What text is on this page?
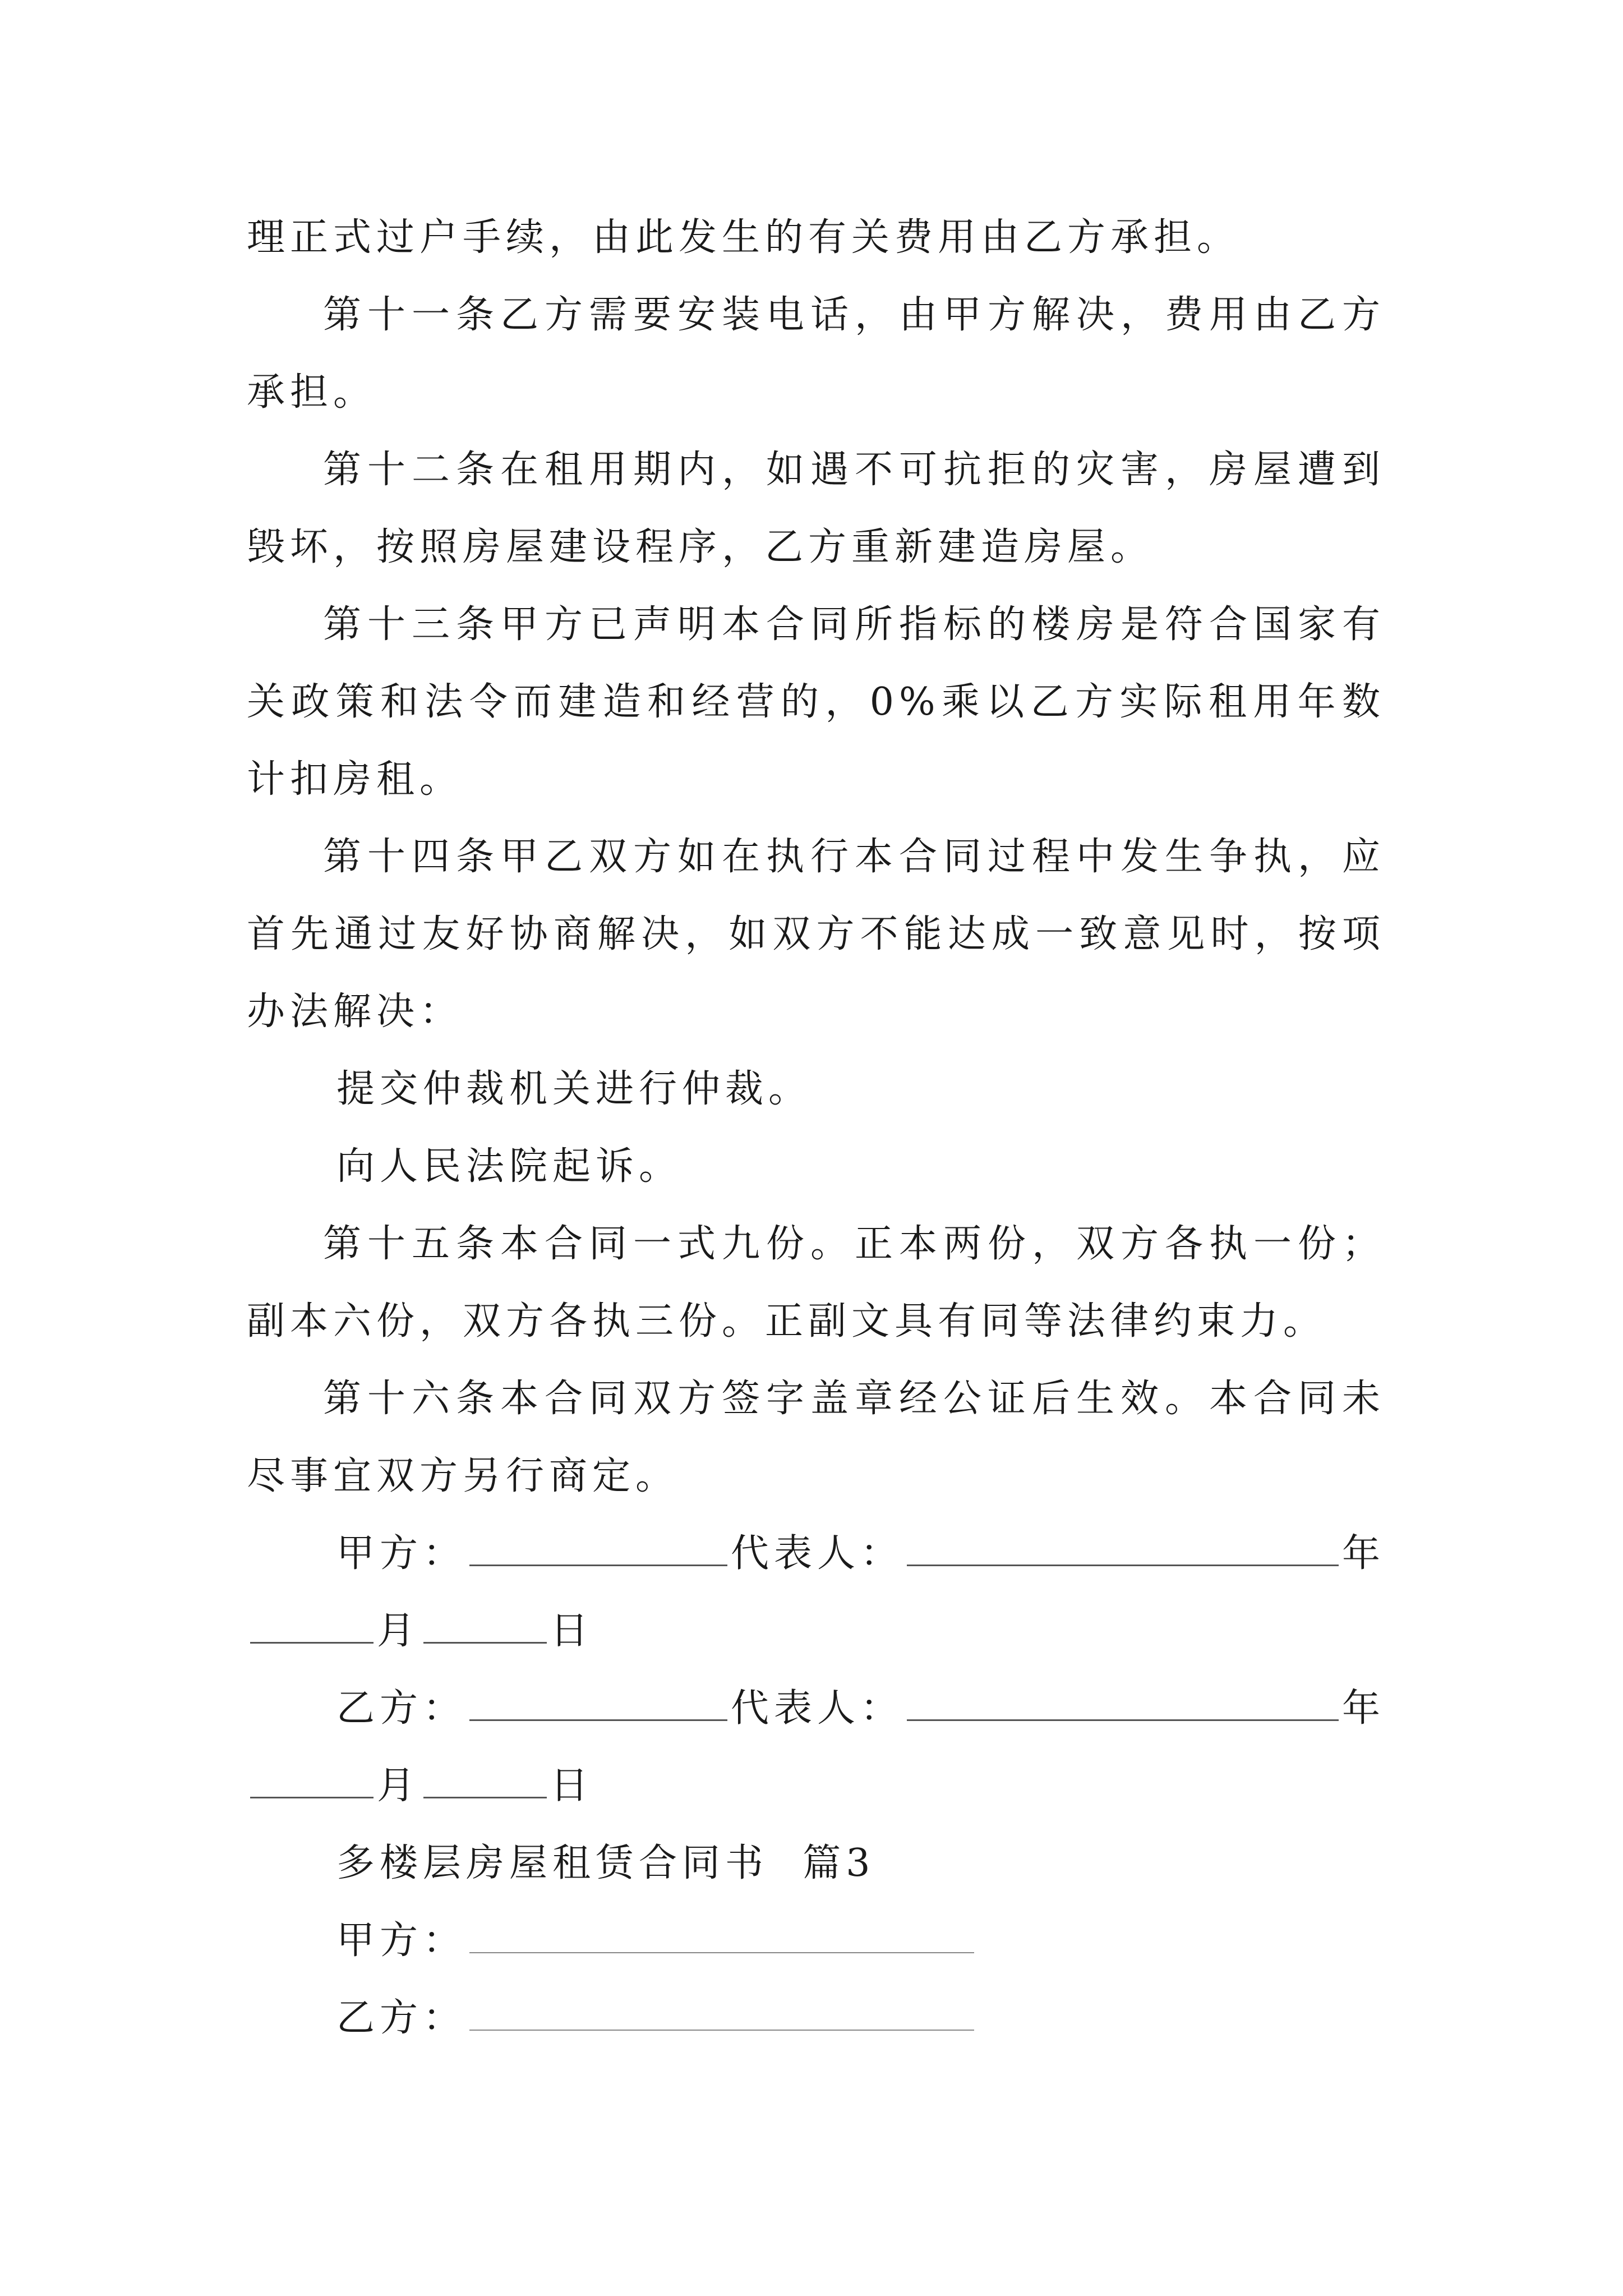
理正式过户手续，由此发生的有关费用由乙方承担。

第十一条乙方需要安装电话，由甲方解决，费用由乙方承担。

第十二条在租用期内，如遇不可抗拒的灾害，房屋遭到毁坏，按照房屋建设程序，乙方重新建造房屋。

第十三条甲方已声明本合同所指标的楼房是符合国家有关政策和法令而建造和经营的，0%乘以乙方实际租用年数计扣房租。

第十四条甲乙双方如在执行本合同过程中发生争执，应首先通过友好协商解决，如双方不能达成一致意见时，按项办法解决：

提交仲裁机关进行仲裁。

向人民法院起诉。

第十五条本合同一式九份。正本两份，双方各执一份；副本六份，双方各执三份。正副文具有同等法律约束力。

第十六条本合同双方签字盖章经公证后生效。本合同未尽事宜双方另行商定。

甲方：	代表人：	年

月	日

乙方：	代表人：	年

月	日

多楼层房屋租赁合同书  篇3

甲方：

乙方：
